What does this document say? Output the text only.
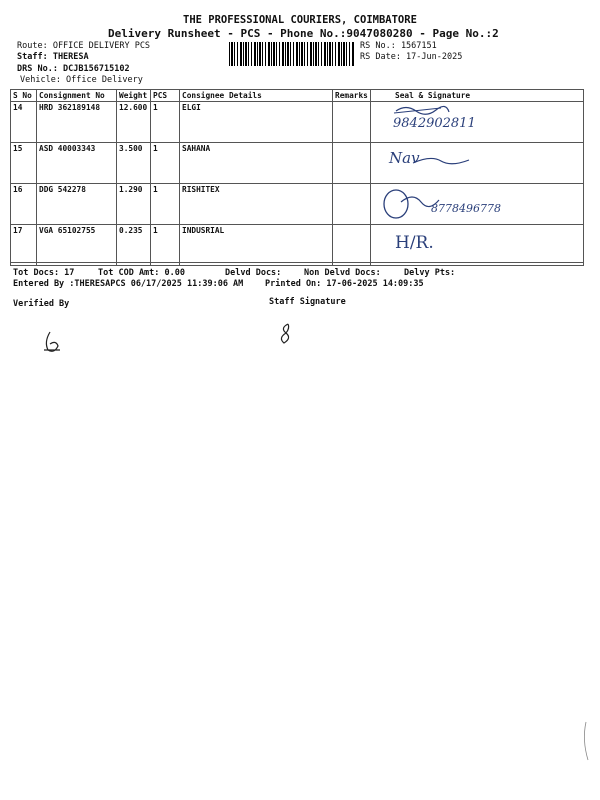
THE PROFESSIONAL COURIERS, COIMBATORE
Delivery Runsheet - PCS - Phone No.:9047080280 - Page No.:2
Route: OFFICE DELIVERY PCS
Staff: THERESA
DRS No.: DCJB156715102
Vehicle: Office Delivery
RS No.: 1567151
RS Date: 17-Jun-2025
S No	Consignment No	Weight	PCS	Consignee Details	Remarks	Seal & Signature
14	HRD 362189148	12.600	1	ELGI		9842902811

15	ASD 40003343	3.500	1	SAHANA		Nav

16	DDG 542278	1.290	1	RISHITEX		8778496778

17	VGA 65102755	0.235	1	INDUSRIAL		H/R.
Tot Docs: 17	Tot COD Amt: 0.00	Delvd Docs:	Non Delvd Docs:	Delvy Pts:
Entered By :THERESAPCS 06/17/2025 11:39:06 AM	Printed On: 17-06-2025 14:09:35
Verified By	Staff Signature
